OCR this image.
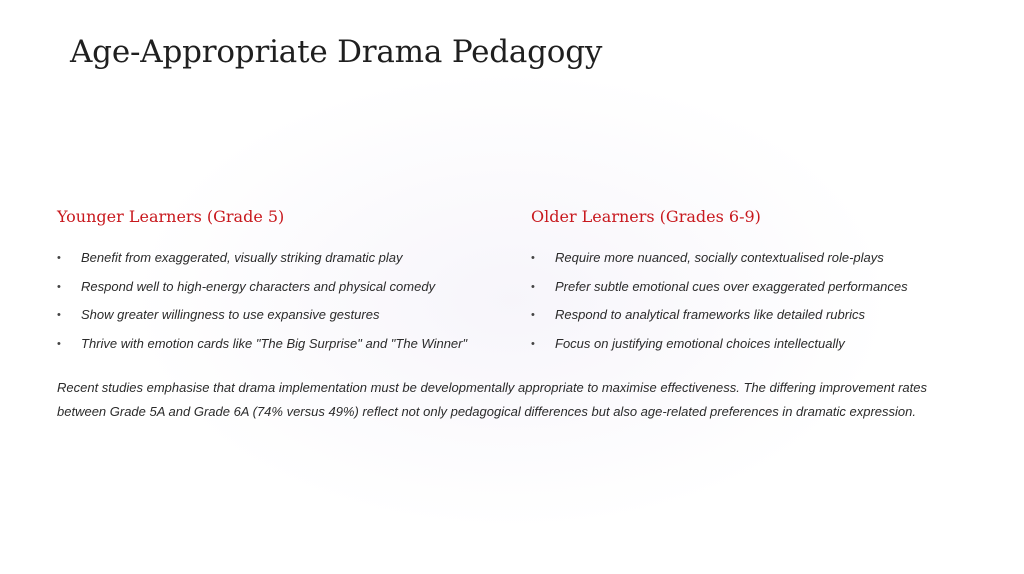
Age-Appropriate Drama Pedagogy
Younger Learners (Grade 5)
• Benefit from exaggerated, visually striking dramatic play
• Respond well to high-energy characters and physical comedy
• Show greater willingness to use expansive gestures
• Thrive with emotion cards like "The Big Surprise" and "The Winner"
Older Learners (Grades 6-9)
• Require more nuanced, socially contextualised role-plays
• Prefer subtle emotional cues over exaggerated performances
• Respond to analytical frameworks like detailed rubrics
• Focus on justifying emotional choices intellectually

Recent studies emphasise that drama implementation must be developmentally appropriate to maximise effectiveness. The differing improvement rates between Grade 5A and Grade 6A (74% versus 49%) reflect not only pedagogical differences but also age-related preferences in dramatic expression.
